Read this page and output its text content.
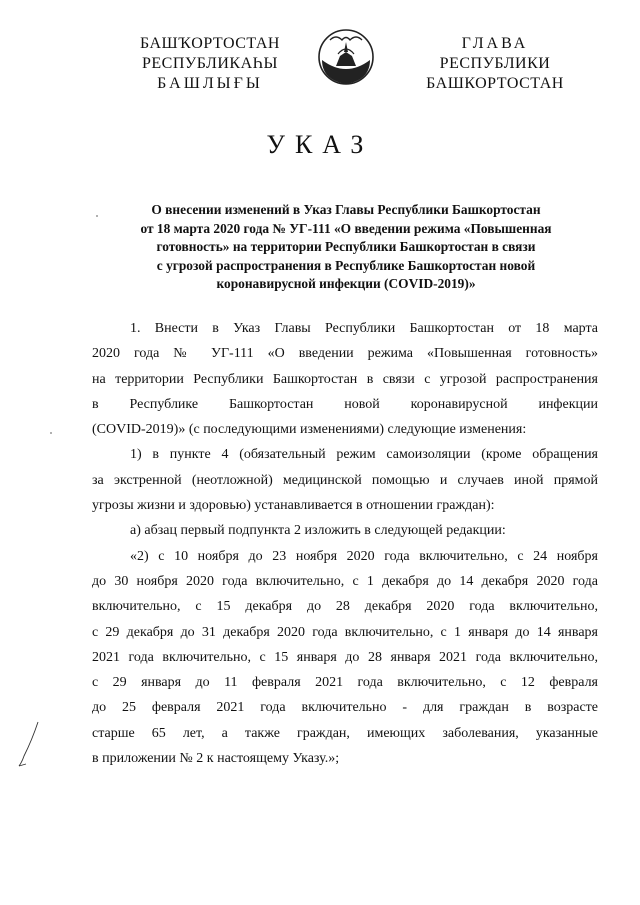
БАШҠОРТОСТАН
РЕСПУБЛИКАҺЫ
БАШЛЫҒЫ
ГЛАВА
РЕСПУБЛИКИ
БАШКОРТОСТАН
УКАЗ
О внесении изменений в Указ Главы Республики Башкортостан
от 18 марта 2020 года № УГ-111 «О введении режима «Повышенная
готовность» на территории Республики Башкортостан в связи
с угрозой распространения в Республике Башкортостан новой
коронавирусной инфекции (COVID-2019)»
1. Внести в Указ Главы Республики Башкортостан от 18 марта
2020 года № УГ-111 «О введении режима «Повышенная готовность»
на территории Республики Башкортостан в связи с угрозой распространения
в Республике Башкортостан новой коронавирусной инфекции
(COVID-2019)» (с последующими изменениями) следующие изменения:
1) в пункте 4 (обязательный режим самоизоляции (кроме обращения
за экстренной (неотложной) медицинской помощью и случаев иной прямой
угрозы жизни и здоровью) устанавливается в отношении граждан):
а) абзац первый подпункта 2 изложить в следующей редакции:
«2) с 10 ноября до 23 ноября 2020 года включительно, с 24 ноября
до 30 ноября 2020 года включительно, с 1 декабря до 14 декабря 2020 года
включительно, с 15 декабря до 28 декабря 2020 года включительно,
с 29 декабря до 31 декабря 2020 года включительно, с 1 января до 14 января
2021 года включительно, с 15 января до 28 января 2021 года включительно,
с 29 января до 11 февраля 2021 года включительно, с 12 февраля
до 25 февраля 2021 года включительно - для граждан в возрасте
старше 65 лет, а также граждан, имеющих заболевания, указанные
в приложении № 2 к настоящему Указу.»;
